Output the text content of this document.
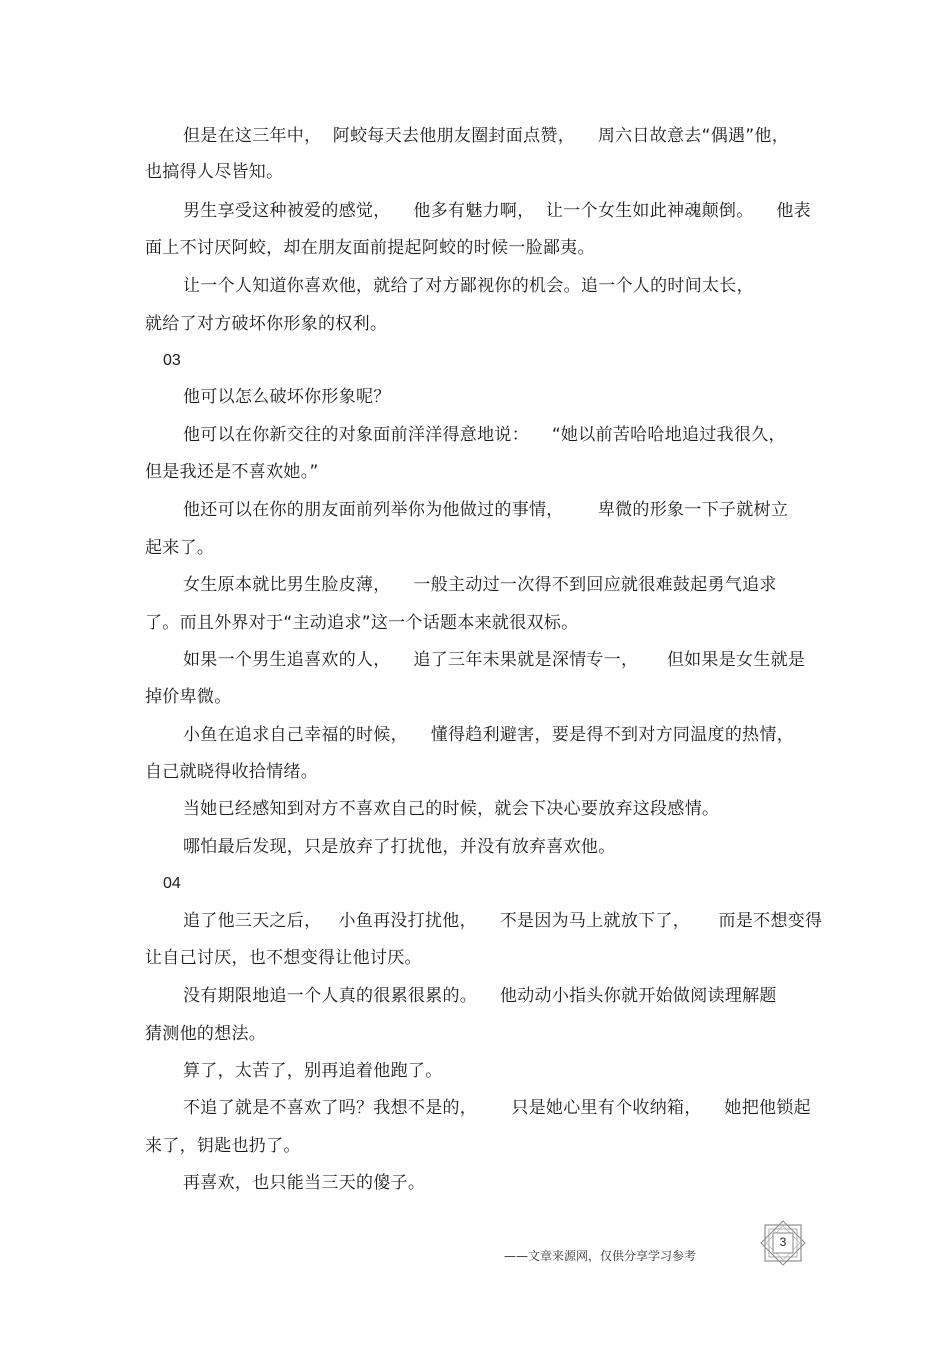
但是在这三年中，  阿蛟每天去他朋友圈封面点赞，    周六日故意去“偶遇”他，
也搞得人尽皆知。
男生享受这种被爱的感觉，    他多有魅力啊，  让一个女生如此神魂颠倒。    他表
面上不讨厌阿蛟，却在朋友面前提起阿蛟的时候一脸鄙夷。
让一个人知道你喜欢他，就给了对方鄙视你的机会。追一个人的时间太长，
就给了对方破坏你形象的权利。
03
他可以怎么破坏你形象呢？
他可以在你新交往的对象面前洋洋得意地说：    “她以前苦哈哈地追过我很久，
但是我还是不喜欢她。”
他还可以在你的朋友面前列举你为他做过的事情，      卑微的形象一下子就树立
起来了。
女生原本就比男生脸皮薄，    一般主动过一次得不到回应就很难鼓起勇气追求
了。而且外界对于“主动追求”这一个话题本来就很双标。
如果一个男生追喜欢的人，    追了三年未果就是深情专一，     但如果是女生就是
掉价卑微。
小鱼在追求自己幸福的时候，    懂得趋利避害，要是得不到对方同温度的热情，
自己就晓得收拾情绪。
当她已经感知到对方不喜欢自己的时候，就会下决心要放弃这段感情。
哪怕最后发现，只是放弃了打扰他，并没有放弃喜欢他。
04
追了他三天之后，   小鱼再没打扰他，    不是因为马上就放下了，     而是不想变得
让自己讨厌，也不想变得让他讨厌。
没有期限地追一个人真的很累很累的。    他动动小指头你就开始做阅读理解题
猜测他的想法。
算了，太苦了，别再追着他跑了。
不追了就是不喜欢了吗？我想不是的，      只是她心里有个收纳箱，    她把他锁起
来了，钥匙也扔了。
再喜欢，也只能当三天的傻子。
——文章来源网，仅供分享学习参考
3
